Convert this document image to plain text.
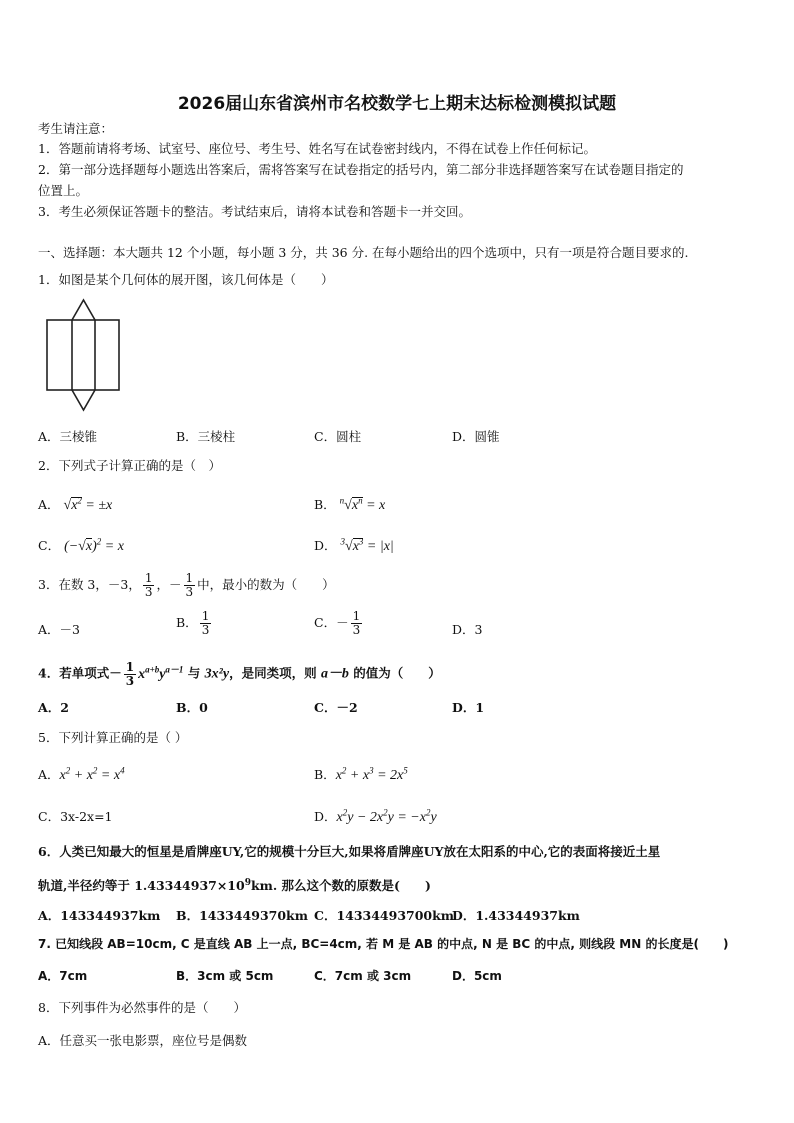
2026届山东省滨州市名校数学七上期末达标检测模拟试题
考生请注意：
1．答题前请将考场、试室号、座位号、考生号、姓名写在试卷密封线内，不得在试卷上作任何标记。
2．第一部分选择题每小题选出答案后，需将答案写在试卷指定的括号内，第二部分非选择题答案写在试卷题目指定的
位置上。
3．考生必须保证答题卡的整洁。考试结束后，请将本试卷和答题卡一并交回。
一、选择题：本大题共 12 个小题，每小题 3 分，共 36 分. 在每小题给出的四个选项中，只有一项是符合题目要求的.
1．如图是某个几何体的展开图，该几何体是（　　）
A．三棱锥	B．三棱柱	C．圆柱	D．圆锥
2．下列式子计算正确的是（　）
A． $√x^2 = \pm x$	B． $^n√x^n = x$
C． $(-√x)^2 = x$	D． $^3√x^3 = |x|$
3．在数 3，－3， $\frac{1}{3}$ ，－ $\frac{1}{3}$ 中，最小的数为（　　）
A．－3	B． $\frac{1}{3}$	C．－ $\frac{1}{3}$	D．3
4．若单项式－ $\frac{1}{3} x^{a+b}y^{a-1}$ 与 3x²y，是同类项，则 a－b 的值为（　　）
A．2	B．0	C．－2	D．1
5．下列计算正确的是（ ）
A．$x^2 + x^2 = x^4$	B．$x^2 + x^3 = 2x^5$
C．3x-2x=1	D．$x^2y - 2x^2y = -x^2y$
6．人类已知最大的恒星是盾牌座UY,它的规模十分巨大,如果将盾牌座UY放在太阳系的中心,它的表面将接近土星
轨道,半径约等于 $1.43344937\times 10^9km$. 那么这个数的原数是(　　)
A．143344937km B．1433449370km C．14334493700km
D．1.43344937km
7. 已知线段 AB=10cm, C 是直线 AB 上一点, BC=4cm, 若 M 是 AB 的中点, N 是 BC 的中点, 则线段 MN 的长度是(　　)
A．7cm	B．3cm 或 5cm	C．7cm 或 3cm	D．5cm
8．下列事件为必然事件的是（　　）
A．任意买一张电影票，座位号是偶数
